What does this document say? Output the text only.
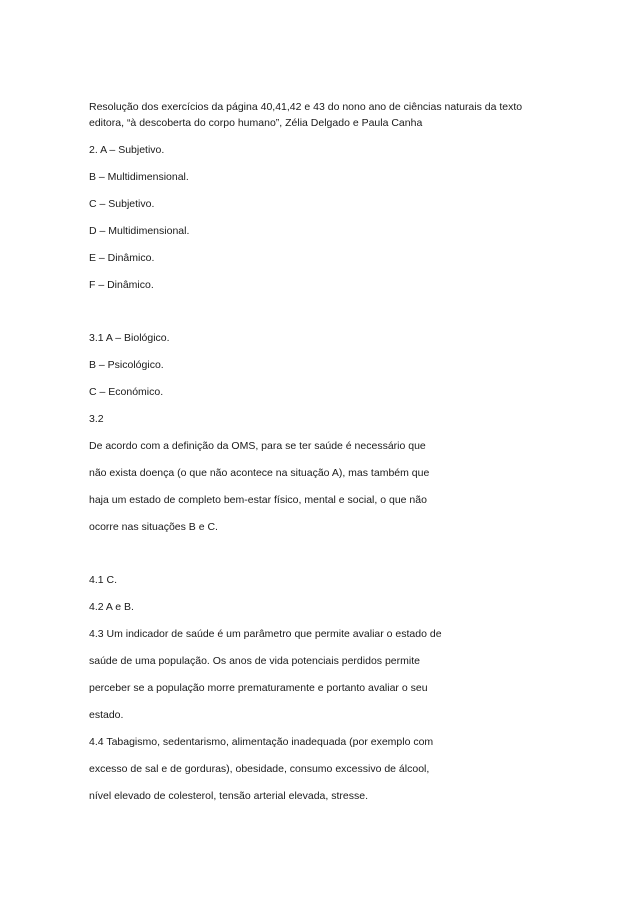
Resolução dos exercícios da página 40,41,42 e 43 do nono ano de ciências naturais da texto

editora, “à descoberta do corpo humano”, Zélia Delgado e Paula Canha

2. A – Subjetivo.

B – Multidimensional.

C – Subjetivo.

D – Multidimensional.

E – Dinâmico.

F – Dinâmico.

3.1 A – Biológico.

B – Psicológico.

C – Económico.

3.2

De acordo com a definição da OMS, para se ter saúde é necessário que

não exista doença (o que não acontece na situação A), mas também que

haja um estado de completo bem-estar físico, mental e social, o que não

ocorre nas situações B e C.

4.1 C.

4.2 A e B.

4.3 Um indicador de saúde é um parâmetro que permite avaliar o estado de

saúde de uma população. Os anos de vida potenciais perdidos permite

perceber se a população morre prematuramente e portanto avaliar o seu

estado.

4.4 Tabagismo, sedentarismo, alimentação inadequada (por exemplo com

excesso de sal e de gorduras), obesidade, consumo excessivo de álcool,

nível elevado de colesterol, tensão arterial elevada, stresse.
